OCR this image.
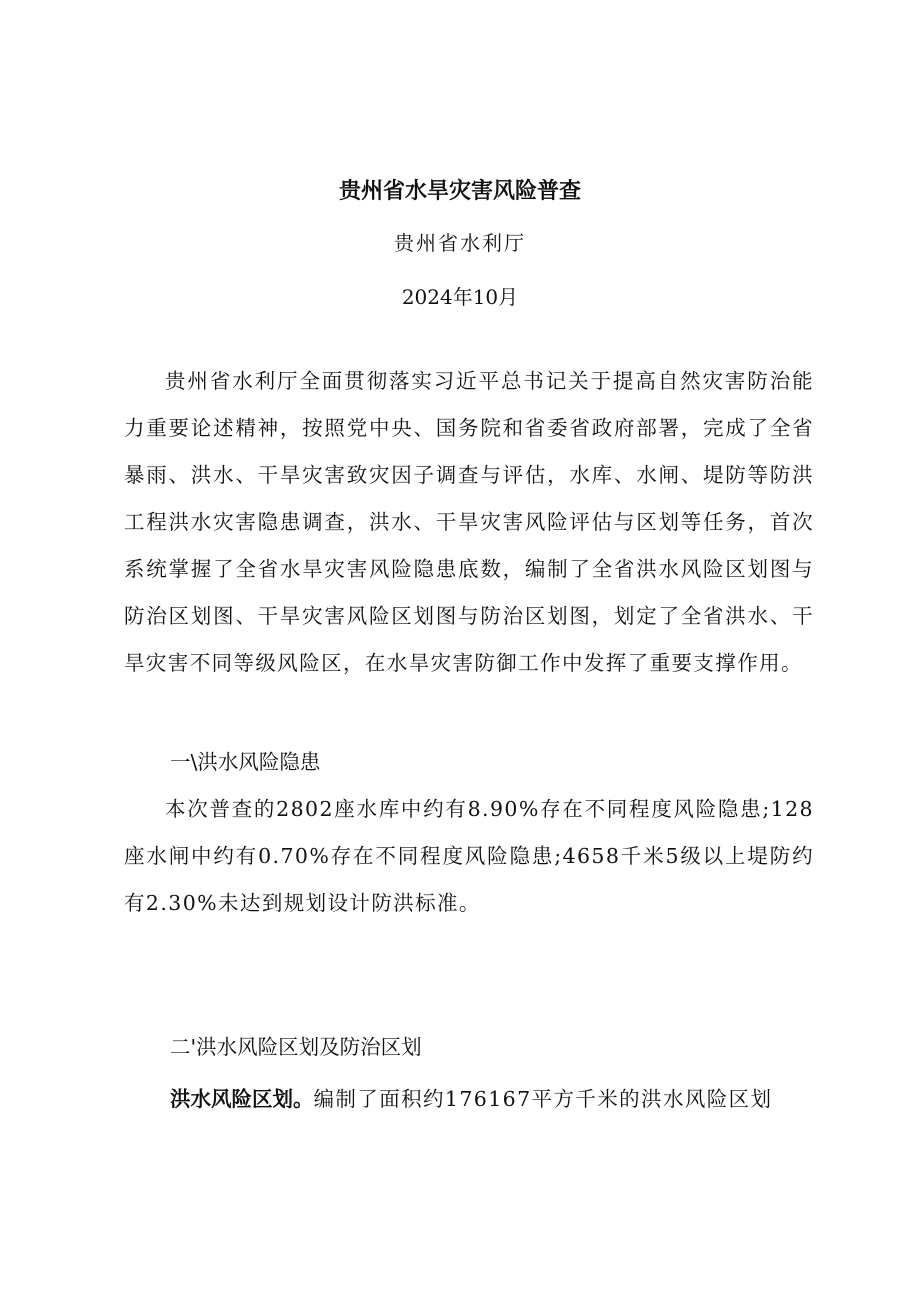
贵州省水旱灾害风险普查

贵州省水利厅

2024年10月

贵州省水利厅全面贯彻落实习近平总书记关于提高自然灾害防治能力重要论述精神，按照党中央、国务院和省委省政府部署，完成了全省暴雨、洪水、干旱灾害致灾因子调查与评估，水库、水闸、堤防等防洪工程洪水灾害隐患调查，洪水、干旱灾害风险评估与区划等任务，首次系统掌握了全省水旱灾害风险隐患底数，编制了全省洪水风险区划图与防治区划图、干旱灾害风险区划图与防治区划图，划定了全省洪水、干旱灾害不同等级风险区，在水旱灾害防御工作中发挥了重要支撑作用。

一\洪水风险隐患

本次普查的2802座水库中约有8.90%存在不同程度风险隐患;128座水闸中约有0.70%存在不同程度风险隐患;4658千米5级以上堤防约有2.30%未达到规划设计防洪标准。

二'洪水风险区划及防治区划

洪水风险区划。编制了面积约176167平方千米的洪水风险区划
